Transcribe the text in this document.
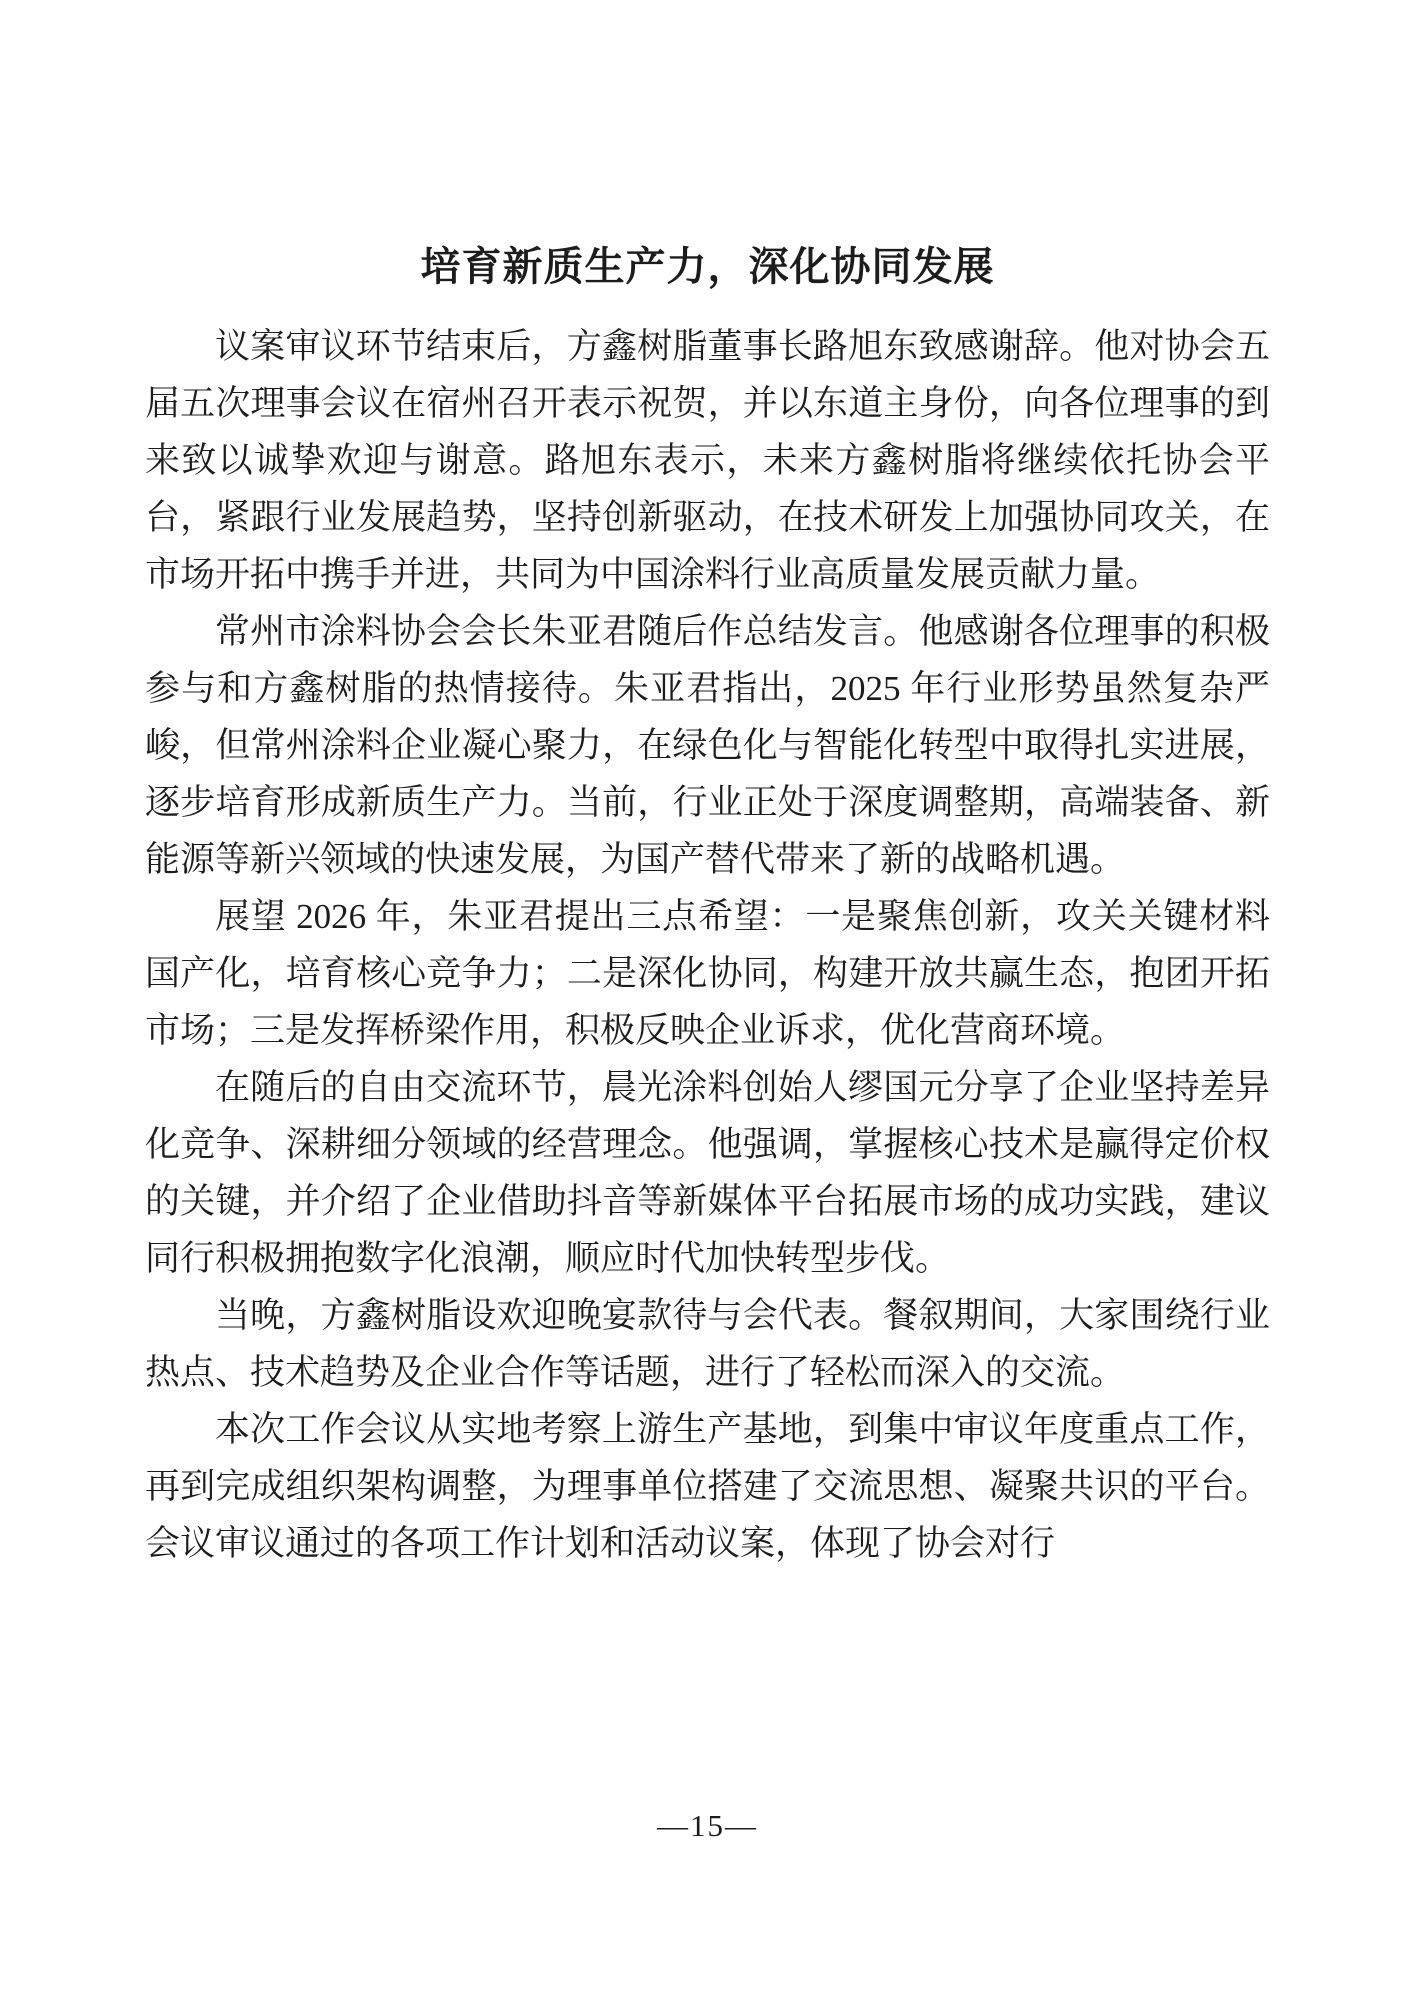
培育新质生产力，深化协同发展

议案审议环节结束后，方鑫树脂董事长路旭东致感谢辞。他对协会五届五次理事会议在宿州召开表示祝贺，并以东道主身份，向各位理事的到来致以诚挚欢迎与谢意。路旭东表示，未来方鑫树脂将继续依托协会平台，紧跟行业发展趋势，坚持创新驱动，在技术研发上加强协同攻关，在市场开拓中携手并进，共同为中国涂料行业高质量发展贡献力量。

常州市涂料协会会长朱亚君随后作总结发言。他感谢各位理事的积极参与和方鑫树脂的热情接待。朱亚君指出，2025 年行业形势虽然复杂严峻，但常州涂料企业凝心聚力，在绿色化与智能化转型中取得扎实进展，逐步培育形成新质生产力。当前，行业正处于深度调整期，高端装备、新能源等新兴领域的快速发展，为国产替代带来了新的战略机遇。

展望 2026 年，朱亚君提出三点希望：一是聚焦创新，攻关关键材料国产化，培育核心竞争力；二是深化协同，构建开放共赢生态，抱团开拓市场；三是发挥桥梁作用，积极反映企业诉求，优化营商环境。

在随后的自由交流环节，晨光涂料创始人缪国元分享了企业坚持差异化竞争、深耕细分领域的经营理念。他强调，掌握核心技术是赢得定价权的关键，并介绍了企业借助抖音等新媒体平台拓展市场的成功实践，建议同行积极拥抱数字化浪潮，顺应时代加快转型步伐。

当晚，方鑫树脂设欢迎晚宴款待与会代表。餐叙期间，大家围绕行业热点、技术趋势及企业合作等话题，进行了轻松而深入的交流。

本次工作会议从实地考察上游生产基地，到集中审议年度重点工作，再到完成组织架构调整，为理事单位搭建了交流思想、凝聚共识的平台。会议审议通过的各项工作计划和活动议案，体现了协会对行

—15—
